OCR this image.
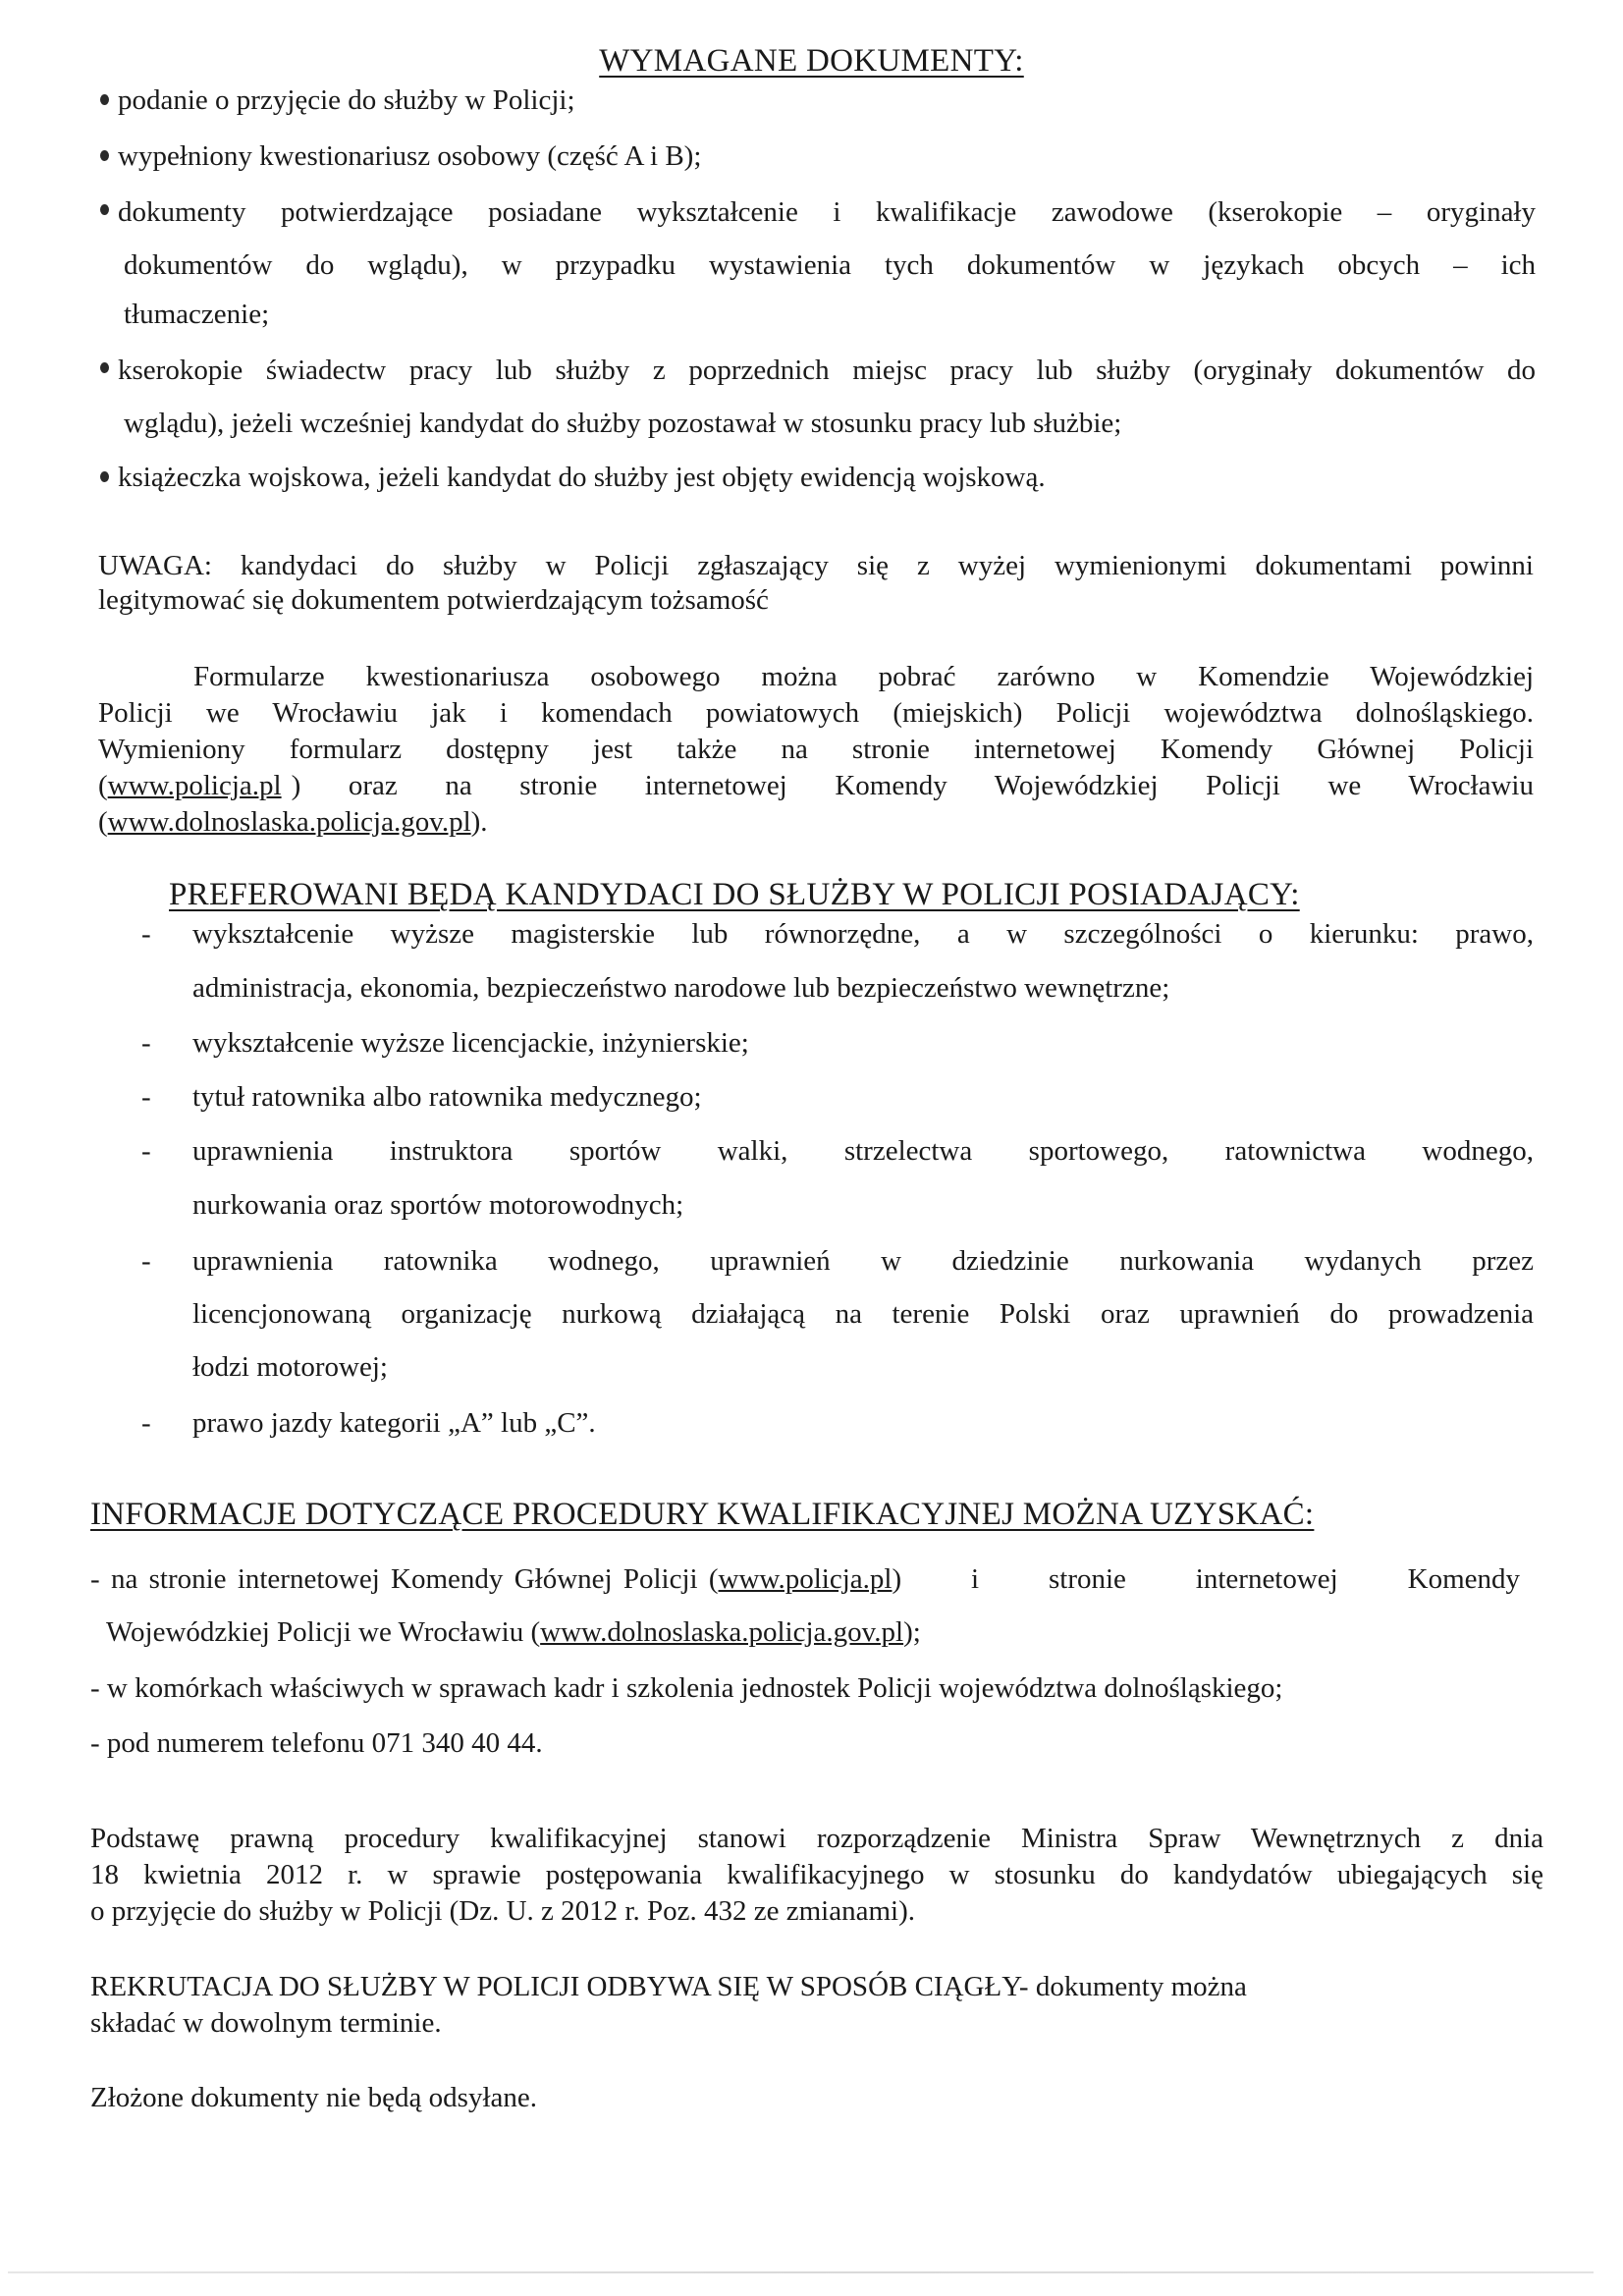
WYMAGANE DOKUMENTY:
podanie o przyjęcie do służby w Policji;
wypełniony kwestionariusz osobowy (część A i B);
dokumenty potwierdzające posiadane wykształcenie i kwalifikacje zawodowe (kserokopie – oryginały
dokumentów do wglądu), w przypadku wystawienia tych dokumentów w językach obcych – ich
tłumaczenie;
kserokopie świadectw pracy lub służby z poprzednich miejsc pracy lub służby (oryginały dokumentów do
wglądu), jeżeli wcześniej kandydat do służby pozostawał w stosunku pracy lub służbie;
książeczka wojskowa, jeżeli kandydat do służby jest objęty ewidencją wojskową.
UWAGA: kandydaci do służby w Policji zgłaszający się z wyżej wymienionymi dokumentami powinni
legitymować się dokumentem potwierdzającym tożsamość
Formularze kwestionariusza osobowego można pobrać zarówno w Komendzie Wojewódzkiej
Policji we Wrocławiu jak i komendach powiatowych (miejskich) Policji województwa dolnośląskiego.
Wymieniony formularz dostępny jest także na stronie internetowej Komendy Głównej Policji
(www.policja.pl ) oraz na stronie internetowej Komendy Wojewódzkiej Policji we Wrocławiu
(www.dolnoslaska.policja.gov.pl).
PREFEROWANI BĘDĄ KANDYDACI DO SŁUŻBY W POLICJI POSIADAJĄCY:
- wykształcenie wyższe magisterskie lub równorzędne, a w szczególności o kierunku: prawo,
administracja, ekonomia, bezpieczeństwo narodowe lub bezpieczeństwo wewnętrzne;
- wykształcenie wyższe licencjackie, inżynierskie;
- tytuł ratownika albo ratownika medycznego;
- uprawnienia instruktora sportów walki, strzelectwa sportowego, ratownictwa wodnego,
nurkowania oraz sportów motorowodnych;
- uprawnienia ratownika wodnego, uprawnień w dziedzinie nurkowania wydanych przez
licencjonowaną organizację nurkową działającą na terenie Polski oraz uprawnień do prowadzenia
łodzi motorowej;
- prawo jazdy kategorii „A” lub „C”.
INFORMACJE DOTYCZĄCE PROCEDURY KWALIFIKACYJNEJ MOŻNA UZYSKAĆ:
- na stronie internetowej Komendy Głównej Policji ( www.policja.pl ) i stronie internetowej Komendy
Wojewódzkiej Policji we Wrocławiu (www.dolnoslaska.policja.gov.pl);
- w komórkach właściwych w sprawach kadr i szkolenia jednostek Policji województwa dolnośląskiego;
- pod numerem telefonu 071 340 40 44.
Podstawę prawną procedury kwalifikacyjnej stanowi rozporządzenie Ministra Spraw Wewnętrznych z dnia
18 kwietnia 2012 r. w sprawie postępowania kwalifikacyjnego w stosunku do kandydatów ubiegających się
o przyjęcie do służby w Policji (Dz. U. z 2012 r. Poz. 432 ze zmianami).
REKRUTACJA DO SŁUŻBY W POLICJI ODBYWA SIĘ W SPOSÓB CIĄGŁY- dokumenty można
składać w dowolnym terminie.
Złożone dokumenty nie będą odsyłane.
